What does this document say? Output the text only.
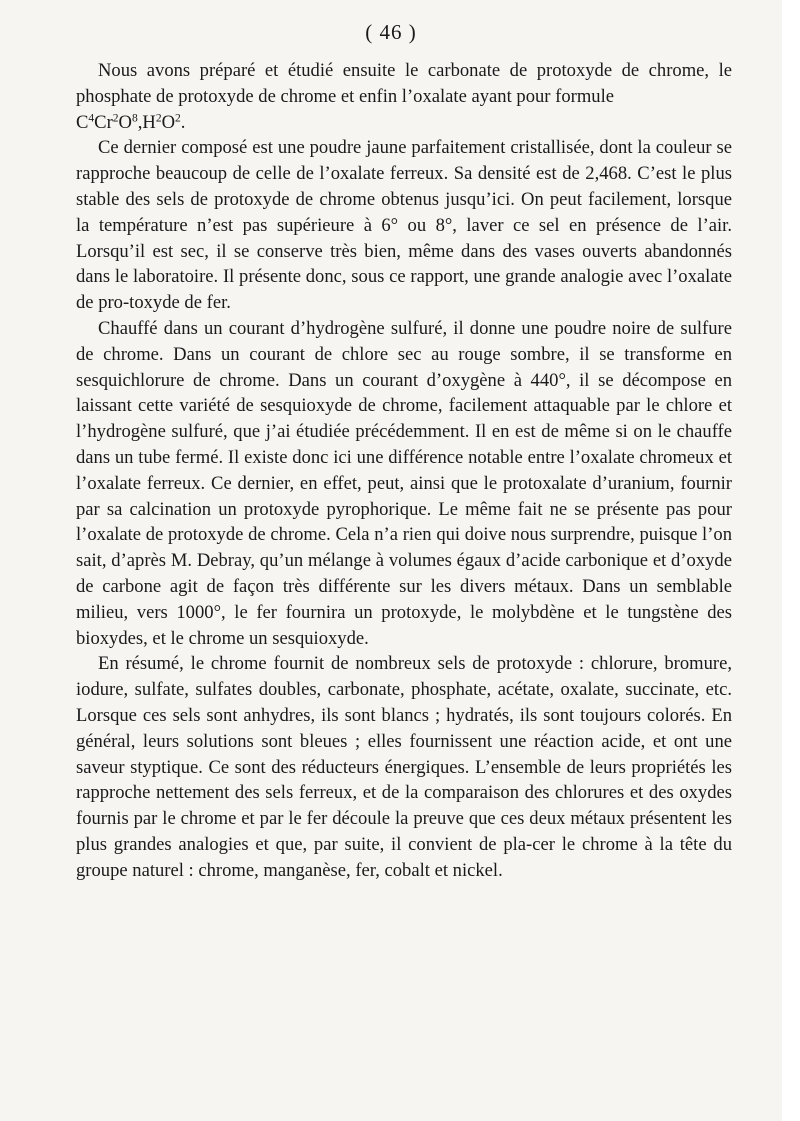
( 46 )

Nous avons préparé et étudié ensuite le carbonate de protoxyde de chrome, le phosphate de protoxyde de chrome et enfin l’oxalate ayant pour formule
$C^4Cr^2O^8,H^2O^2$.

Ce dernier composé est une poudre jaune parfaitement cristallisée, dont la couleur se rapproche beaucoup de celle de l’oxalate ferreux. Sa densité est de 2,468. C’est le plus stable des sels de protoxyde de chrome obtenus jusqu’ici. On peut facilement, lorsque la température n’est pas supérieure à 6° ou 8°, laver ce sel en présence de l’air. Lorsqu’il est sec, il se conserve très bien, même dans des vases ouverts abandonnés dans le laboratoire. Il présente donc, sous ce rapport, une grande analogie avec l’oxalate de pro-toxyde de fer.

Chauffé dans un courant d’hydrogène sulfuré, il donne une poudre noire de sulfure de chrome. Dans un courant de chlore sec au rouge sombre, il se transforme en sesquichlorure de chrome. Dans un courant d’oxygène à 440°, il se décompose en laissant cette variété de sesquioxyde de chrome, facilement attaquable par le chlore et l’hydrogène sulfuré, que j’ai étudiée précédemment. Il en est de même si on le chauffe dans un tube fermé. Il existe donc ici une différence notable entre l’oxalate chromeux et l’oxalate ferreux. Ce dernier, en effet, peut, ainsi que le protoxalate d’uranium, fournir par sa calcination un protoxyde pyrophorique. Le même fait ne se présente pas pour l’oxalate de protoxyde de chrome. Cela n’a rien qui doive nous surprendre, puisque l’on sait, d’après M. Debray, qu’un mélange à volumes égaux d’acide carbonique et d’oxyde de carbone agit de façon très différente sur les divers métaux. Dans un semblable milieu, vers 1000°, le fer fournira un protoxyde, le molybdène et le tungstène des bioxydes, et le chrome un sesquioxyde.

En résumé, le chrome fournit de nombreux sels de protoxyde : chlorure, bromure, iodure, sulfate, sulfates doubles, carbonate, phosphate, acétate, oxalate, succinate, etc. Lorsque ces sels sont anhydres, ils sont blancs ; hydratés, ils sont toujours colorés. En général, leurs solutions sont bleues ; elles fournissent une réaction acide, et ont une saveur styptique. Ce sont des réducteurs énergiques. L’ensemble de leurs propriétés les rapproche nettement des sels ferreux, et de la comparaison des chlorures et des oxydes fournis par le chrome et par le fer découle la preuve que ces deux métaux présentent les plus grandes analogies et que, par suite, il convient de pla-cer le chrome à la tête du groupe naturel : chrome, manganèse, fer, cobalt et nickel.
